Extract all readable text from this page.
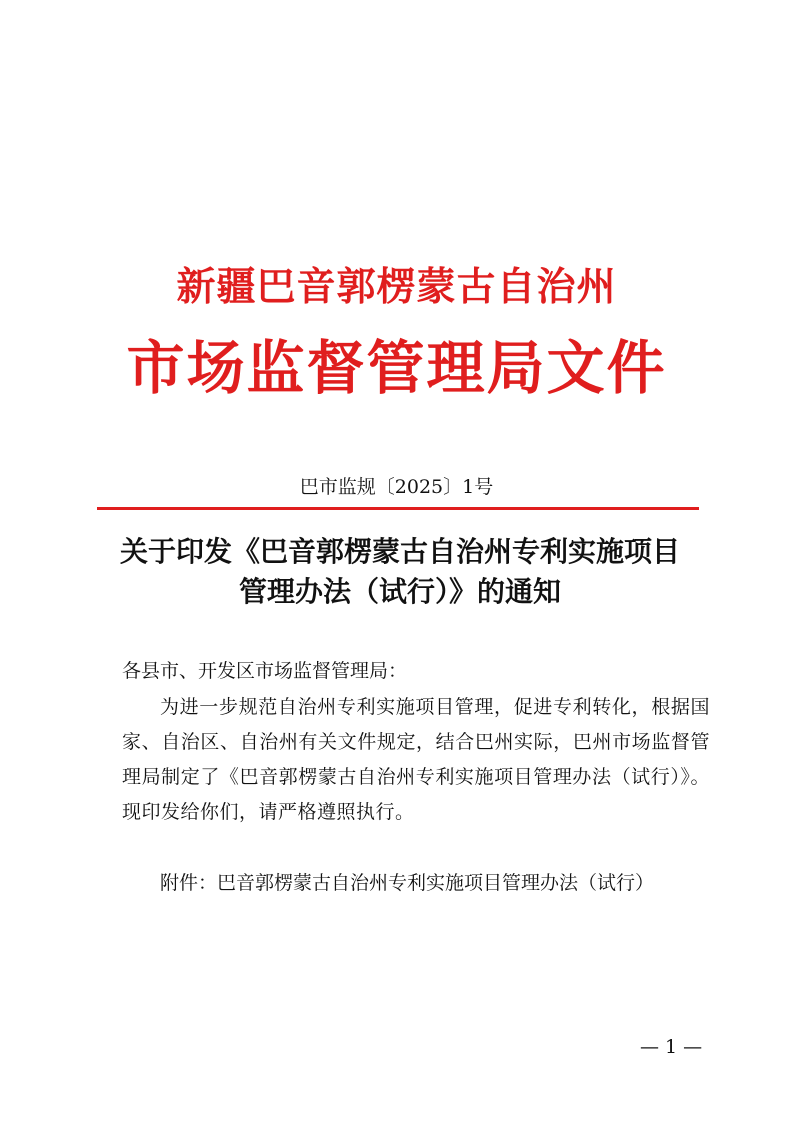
新疆巴音郭楞蒙古自治州
市场监督管理局文件
巴市监规〔2025〕1号
关于印发《巴音郭楞蒙古自治州专利实施项目
管理办法（试行）》的通知
各县市、开发区市场监督管理局：
为进一步规范自治州专利实施项目管理，促进专利转化，根据国家、自治区、自治州有关文件规定，结合巴州实际，巴州市场监督管理局制定了《巴音郭楞蒙古自治州专利实施项目管理办法（试行）》。现印发给你们，请严格遵照执行。
附件：巴音郭楞蒙古自治州专利实施项目管理办法（试行）
— 1 —
